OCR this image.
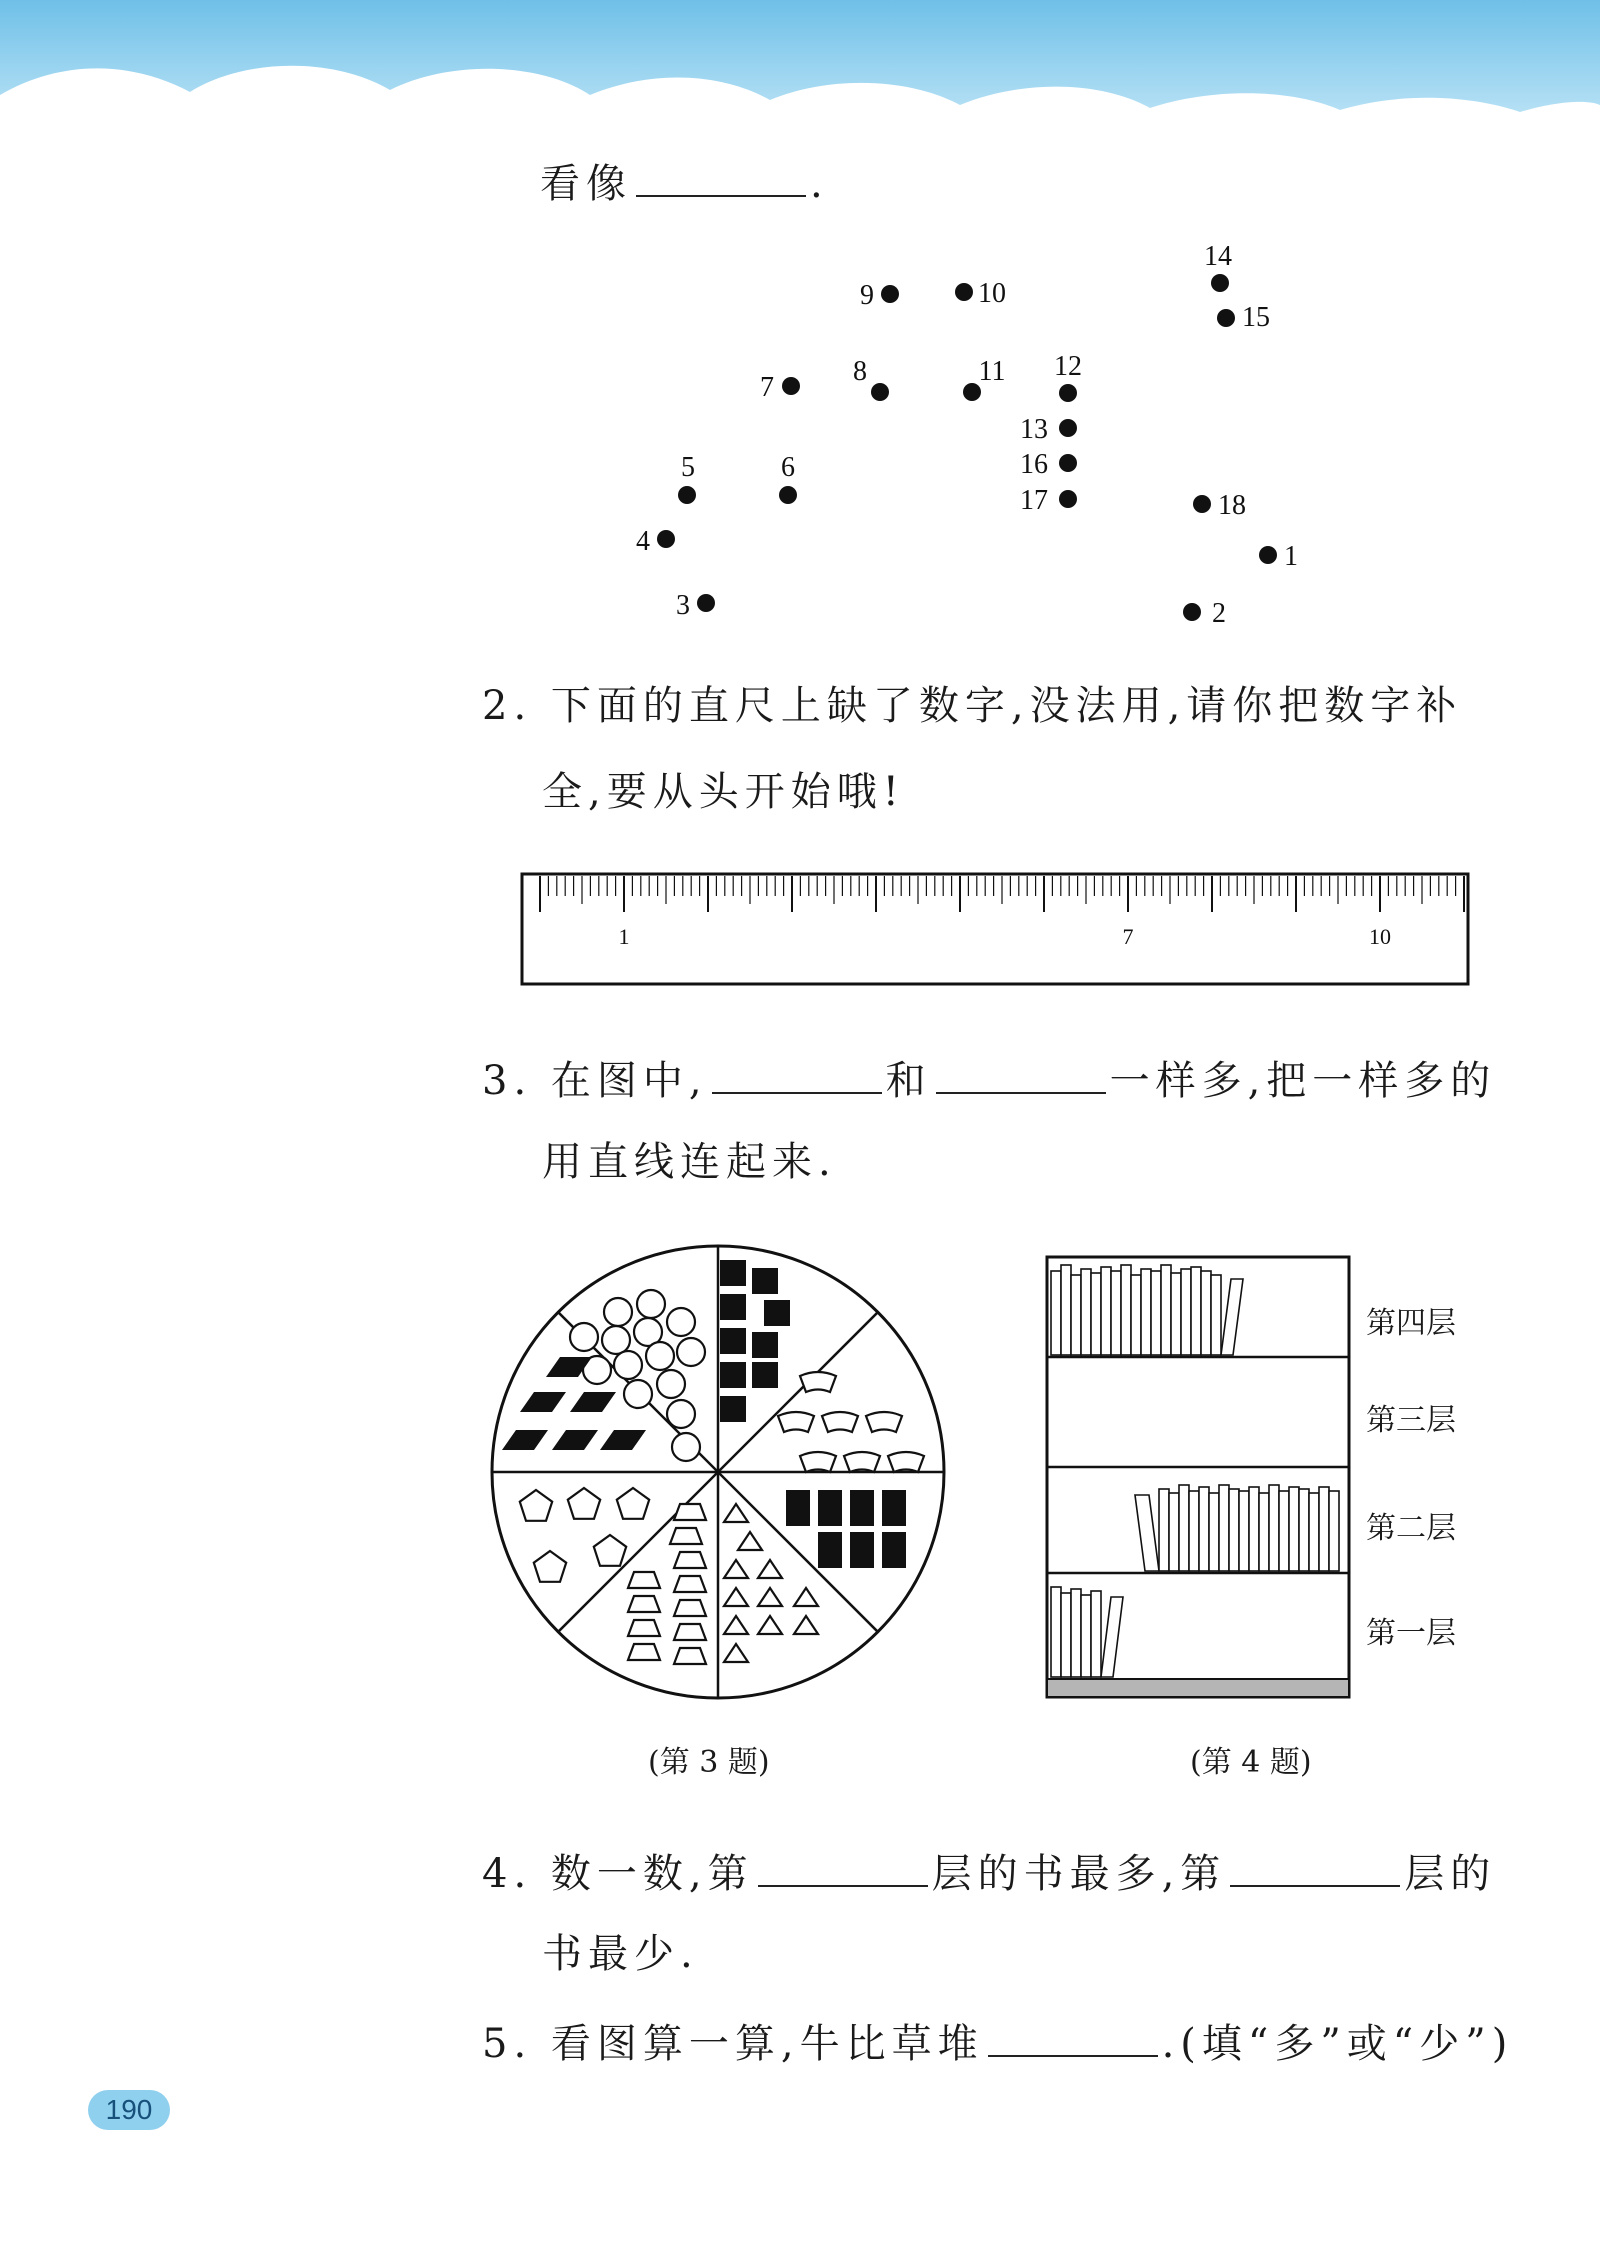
看像	.
1
2
3
4
5	6
7
8
9	10
11 12
13
14
15
16
17	18
2. 下面的直尺上缺了数字,没法用,请你把数字补
全,要从头开始哦!
1	7	10
3. 在图中,	和	一样多,把一样多的
用直线连起来.
第四层
第三层
第二层
第一层
(第 3 题)	(第 4 题)
4. 数一数,第	层的书最多,第	层的
书最少.
5. 看图算一算,牛比草堆	.(填“多”或“少”)
190
